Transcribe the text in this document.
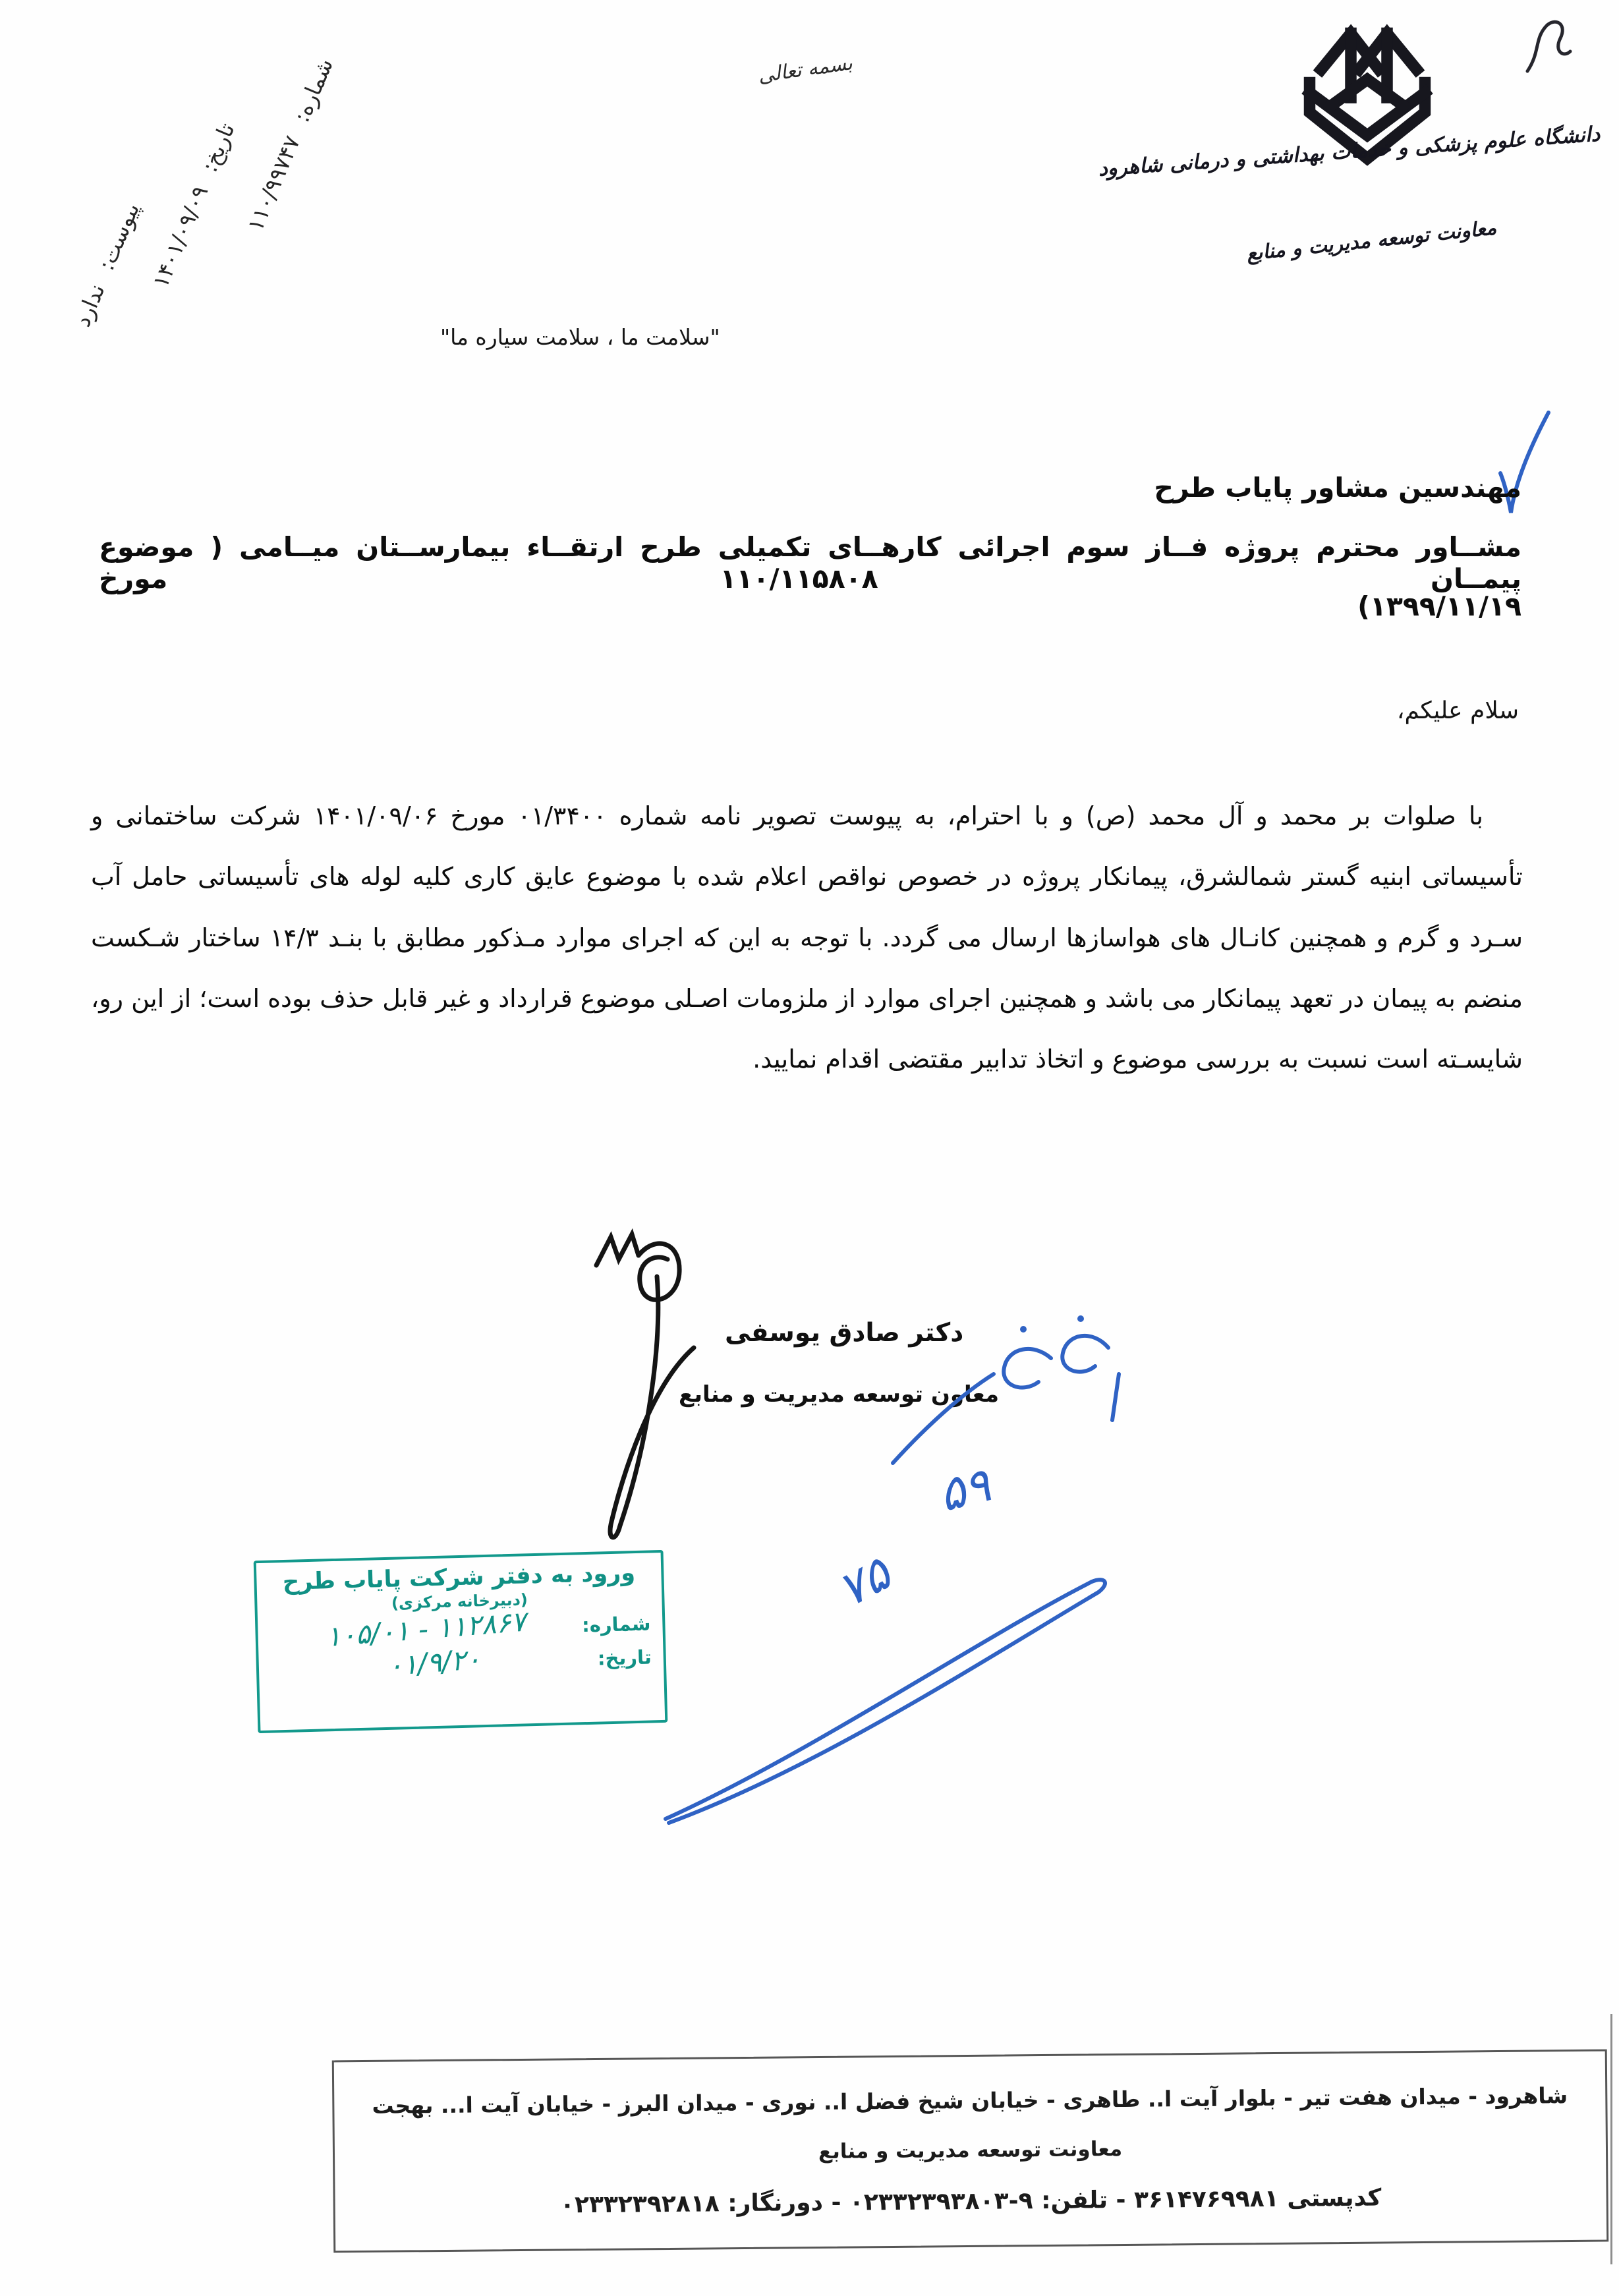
شماره: ۱۱۰/۹۹۷۴۷
تاریخ: ۱۴۰۱/۰۹/۰۹
پیوست: ندارد
بسمه تعالی
دانشگاه علوم پزشکی و خدمات بهداشتی و درمانی شاهرود
معاونت توسعه مدیریت و منابع
"سلامت ما ، سلامت سیاره ما"
مهندسین مشاور پایاب طرح
مشــاور محترم پروژه فــاز سوم اجرائی کارهــای تکمیلی طرح ارتقــاء بیمارســتان میــامی ( موضوع پیمــان ۱۱۰/۱۱۵۸۰۸ مورخ
۱۳۹۹/۱۱/۱۹)
سلام علیکم،
با صلوات بر محمد و آل محمد (ص) و با احترام، به پیوست تصویر نامه شماره ۰۱/۳۴۰۰ مورخ ۱۴۰۱/۰۹/۰۶ شرکت ساختمانی و تأسیساتی ابنیه گستر شمالشرق، پیمانکار پروژه در خصوص نواقص اعلام شده با موضوع عایق کاری کلیه لوله های تأسیساتی حامل آب سـرد و گرم و همچنین کانـال های هواسازها ارسال می گردد. با توجه به این که اجرای موارد مـذکور مطابق با بنـد ۱۴/۳ ساختار شـکست منضم به پیمان در تعهد پیمانکار می باشد و همچنین اجرای موارد از ملزومات اصـلی موضوع قرارداد و غیر قابل حذف بوده است؛ از این رو، شایسـته است نسبت به بررسی موضوع و اتخاذ تدابیر مقتضی اقدام نمایید.
دکتر صادق یوسفی
معاون توسعه مدیریت و منابع
۵۹
۷۵
ورود به دفتر شرکت پایاب طرح
(دبیرخانه مرکزی)
شماره:
۱۱۲۸۶۷ - ۱۰۵/۰۱
تاریخ:
۰۱/۹/۲۰
شاهرود - میدان هفت تیر - بلوار آیت ا.. طاهری - خیابان شیخ فضل ا.. نوری - میدان البرز - خیابان آیت ا... بهجت
معاونت توسعه مدیریت و منابع
کدپستی ۳۶۱۴۷۶۹۹۸۱ - تلفن: ۹-۰۲۳۳۲۳۹۳۸۰۳ - دورنگار: ۰۲۳۳۲۳۹۲۸۱۸
